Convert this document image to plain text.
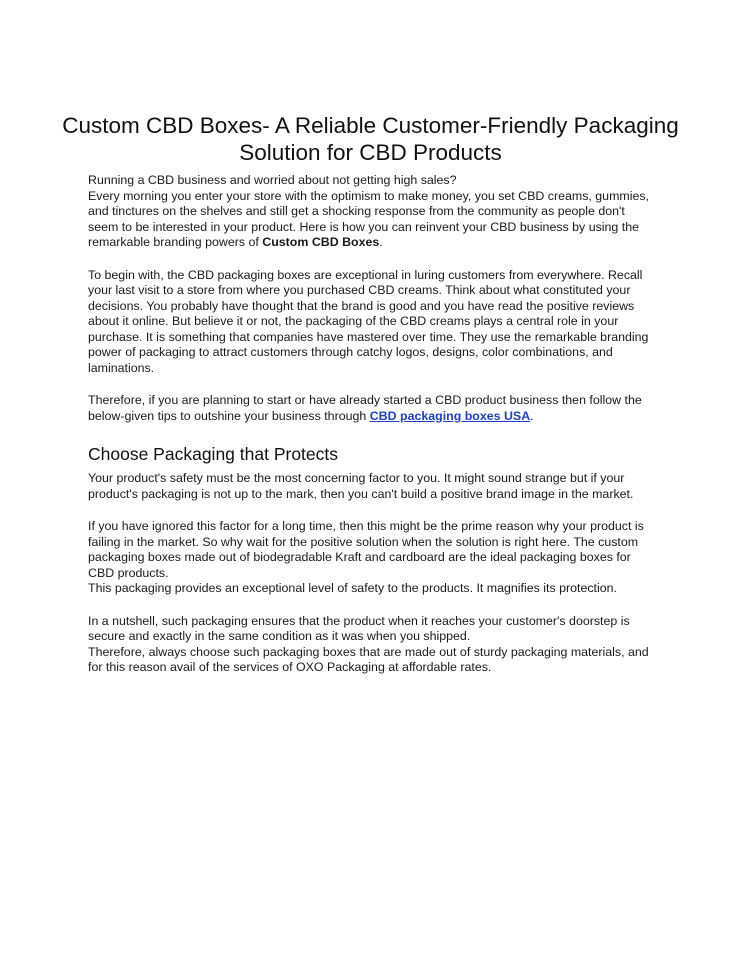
Custom CBD Boxes- A Reliable Customer-Friendly Packaging Solution for CBD Products

Running a CBD business and worried about not getting high sales?

Every morning you enter your store with the optimism to make money, you set CBD creams, gummies, and tinctures on the shelves and still get a shocking response from the community as people don't seem to be interested in your product. Here is how you can reinvent your CBD business by using the remarkable branding powers of Custom CBD Boxes.

To begin with, the CBD packaging boxes are exceptional in luring customers from everywhere. Recall your last visit to a store from where you purchased CBD creams. Think about what constituted your decisions. You probably have thought that the brand is good and you have read the positive reviews about it online. But believe it or not, the packaging of the CBD creams plays a central role in your purchase. It is something that companies have mastered over time. They use the remarkable branding power of packaging to attract customers through catchy logos, designs, color combinations, and laminations.

Therefore, if you are planning to start or have already started a CBD product business then follow the below-given tips to outshine your business through CBD packaging boxes USA.

Choose Packaging that Protects

Your product's safety must be the most concerning factor to you. It might sound strange but if your product's packaging is not up to the mark, then you can't build a positive brand image in the market.

If you have ignored this factor for a long time, then this might be the prime reason why your product is failing in the market. So why wait for the positive solution when the solution is right here. The custom packaging boxes made out of biodegradable Kraft and cardboard are the ideal packaging boxes for CBD products.

This packaging provides an exceptional level of safety to the products. It magnifies its protection.

In a nutshell, such packaging ensures that the product when it reaches your customer's doorstep is secure and exactly in the same condition as it was when you shipped.

Therefore, always choose such packaging boxes that are made out of sturdy packaging materials, and for this reason avail of the services of OXO Packaging at affordable rates.
